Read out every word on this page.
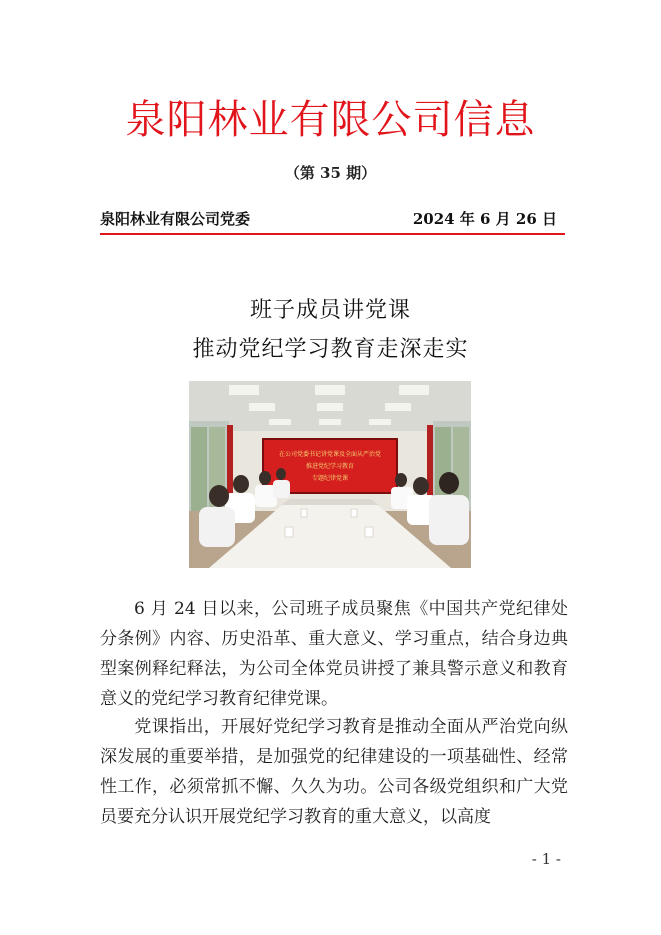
泉阳林业有限公司信息
（第 35 期）
泉阳林业有限公司党委	2024 年 6 月 26 日
班子成员讲党课
推动党纪学习教育走深走实
在公司党委书记讲党课及全面从严治党
推进党纪学习教育
专题纪律党课

6 月 24 日以来，公司班子成员聚焦《中国共产党纪律处分条例》内容、历史沿革、重大意义、学习重点，结合身边典型案例释纪释法，为公司全体党员讲授了兼具警示意义和教育意义的党纪学习教育纪律党课。

党课指出，开展好党纪学习教育是推动全面从严治党向纵深发展的重要举措，是加强党的纪律建设的一项基础性、经常性工作，必须常抓不懈、久久为功。公司各级党组织和广大党员要充分认识开展党纪学习教育的重大意义，以高度

- 1 -
